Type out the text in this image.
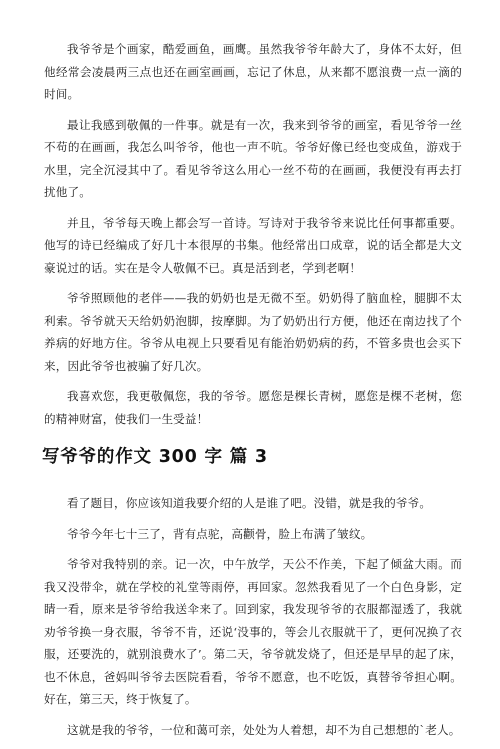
我爷爷是个画家，酷爱画鱼，画鹰。虽然我爷爷年龄大了，身体不太好，但他经常会凌晨两三点也还在画室画画，忘记了休息，从来都不愿浪费一点一滴的时间。

最让我感到敬佩的一件事。就是有一次，我来到爷爷的画室，看见爷爷一丝不苟的在画画，我怎么叫爷爷，他也一声不吭。爷爷好像已经也变成鱼，游戏于水里，完全沉浸其中了。看见爷爷这么用心一丝不苟的在画画，我便没有再去打扰他了。

并且，爷爷每天晚上都会写一首诗。写诗对于我爷爷来说比任何事都重要。他写的诗已经编成了好几十本很厚的书集。他经常出口成章，说的话全都是大文豪说过的话。实在是令人敬佩不已。真是活到老，学到老啊！

爷爷照顾他的老伴——我的奶奶也是无微不至。奶奶得了脑血栓，腿脚不太利索。爷爷就天天给奶奶泡脚，按摩脚。为了奶奶出行方便，他还在南边找了个养病的好地方住。爷爷从电视上只要看见有能治奶奶病的药，不管多贵也会买下来，因此爷爷也被骗了好几次。

我喜欢您，我更敬佩您，我的爷爷。愿您是棵长青树，愿您是棵不老树，您的精神财富，使我们一生受益！

写爷爷的作文 300 字 篇 3

看了题目，你应该知道我要介绍的人是谁了吧。没错，就是我的爷爷。

爷爷今年七十三了，背有点驼，高颧骨，脸上布满了皱纹。

爷爷对我特别的亲。记一次，中午放学，天公不作美，下起了倾盆大雨。而我又没带伞，就在学校的礼堂等雨停，再回家。忽然我看见了一个白色身影，定睛一看，原来是爷爷给我送伞来了。回到家，我发现爷爷的衣服都湿透了，我就劝爷爷换一身衣服，爷爷不肯，还说‘没事的，等会儿衣服就干了，更何况换了衣服，还要洗的，就别浪费水了’。第二天，爷爷就发烧了，但还是早早的起了床，也不休息，爸妈叫爷爷去医院看看，爷爷不愿意，也不吃饭，真替爷爷担心啊。好在，第三天，终于恢复了。

这就是我的爷爷，一位和蔼可亲，处处为人着想，却不为自己想想的`老人。
